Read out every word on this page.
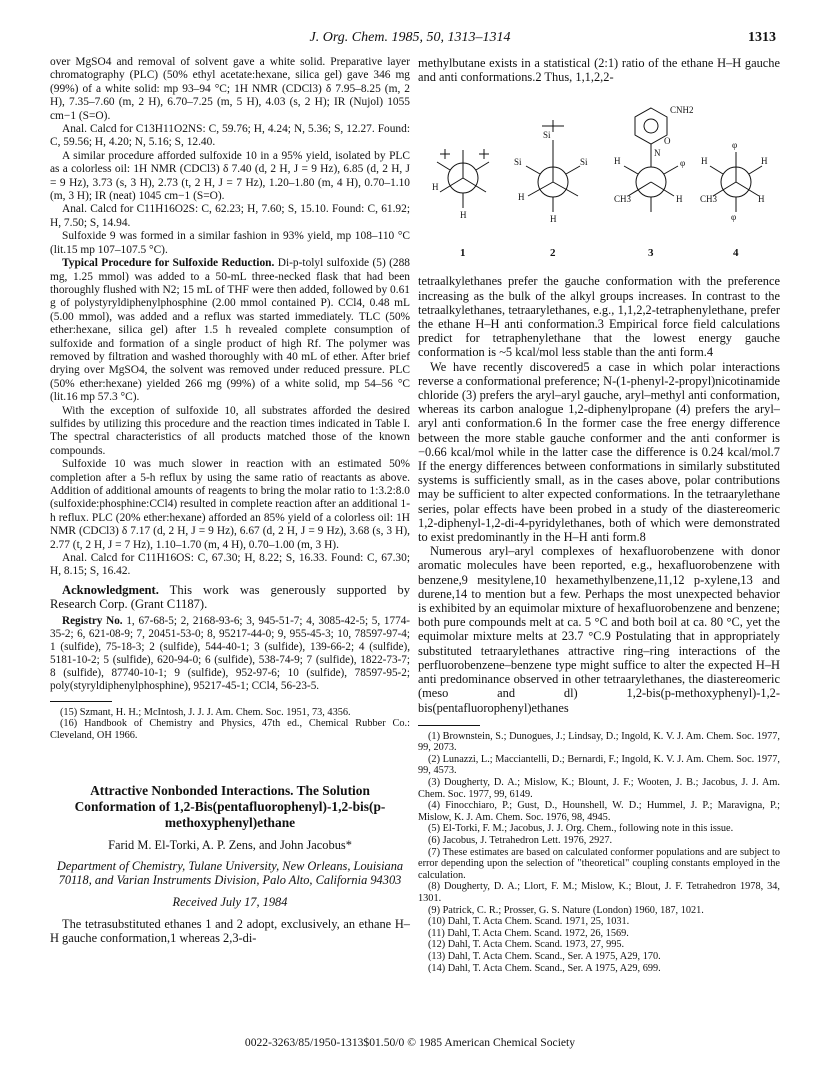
J. Org. Chem. 1985, 50, 1313–1314	1313

over MgSO4 and removal of solvent gave a white solid. Preparative layer chromatography (PLC) (50% ethyl acetate:hexane, silica gel) gave 346 mg (99%) of a white solid: mp 93–94 °C; 1H NMR (CDCl3) δ 7.95–8.25 (m, 2 H), 7.35–7.60 (m, 2 H), 6.70–7.25 (m, 5 H), 4.03 (s, 2 H); IR (Nujol) 1055 cm−1 (S=O).

Anal. Calcd for C13H11O2NS: C, 59.76; H, 4.24; N, 5.36; S, 12.27. Found: C, 59.56; H, 4.20; N, 5.16; S, 12.40.

A similar procedure afforded sulfoxide 10 in a 95% yield, isolated by PLC as a colorless oil: 1H NMR (CDCl3) δ 7.40 (d, 2 H, J = 9 Hz), 6.85 (d, 2 H, J = 9 Hz), 3.73 (s, 3 H), 2.73 (t, 2 H, J = 7 Hz), 1.20–1.80 (m, 4 H), 0.70–1.10 (m, 3 H); IR (neat) 1045 cm−1 (S=O).

Anal. Calcd for C11H16O2S: C, 62.23; H, 7.60; S, 15.10. Found: C, 61.92; H, 7.50; S, 14.94.

Sulfoxide 9 was formed in a similar fashion in 93% yield, mp 108–110 °C (lit.15 mp 107–107.5 °C).

Typical Procedure for Sulfoxide Reduction. Di-p-tolyl sulfoxide (5) (288 mg, 1.25 mmol) was added to a 50-mL three-necked flask that had been thoroughly flushed with N2; 15 mL of THF were then added, followed by 0.61 g of polystyryldiphenylphosphine (2.00 mmol contained P). CCl4, 0.48 mL (5.00 mmol), was added and a reflux was started immediately. TLC (50% ether:hexane, silica gel) after 1.5 h revealed complete consumption of sulfoxide and formation of a single product of high Rf. The polymer was removed by filtration and washed thoroughly with 40 mL of ether. After brief drying over MgSO4, the solvent was removed under reduced pressure. PLC (50% ether:hexane) yielded 266 mg (99%) of a white solid, mp 54–56 °C (lit.16 mp 57.3 °C).

With the exception of sulfoxide 10, all substrates afforded the desired sulfides by utilizing this procedure and the reaction times indicated in Table I. The spectral characteristics of all products matched those of the known compounds.

Sulfoxide 10 was much slower in reaction with an estimated 50% completion after a 5-h reflux by using the same ratio of reactants as above. Addition of additional amounts of reagents to bring the molar ratio to 1:3.2:8.0 (sulfoxide:phosphine:CCl4) resulted in complete reaction after an additional 1-h reflux. PLC (20% ether:hexane) afforded an 85% yield of a colorless oil: 1H NMR (CDCl3) δ 7.17 (d, 2 H, J = 9 Hz), 6.67 (d, 2 H, J = 9 Hz), 3.68 (s, 3 H), 2.77 (t, 2 H, J = 7 Hz), 1.10–1.70 (m, 4 H), 0.70–1.00 (m, 3 H).

Anal. Calcd for C11H16OS: C, 67.30; H, 8.22; S, 16.33. Found: C, 67.30; H, 8.15; S, 16.42.

Acknowledgment. This work was generously supported by Research Corp. (Grant C1187).

Registry No. 1, 67-68-5; 2, 2168-93-6; 3, 945-51-7; 4, 3085-42-5; 5, 1774-35-2; 6, 621-08-9; 7, 20451-53-0; 8, 95217-44-0; 9, 955-45-3; 10, 78597-97-4; 1 (sulfide), 75-18-3; 2 (sulfide), 544-40-1; 3 (sulfide), 139-66-2; 4 (sulfide), 5181-10-2; 5 (sulfide), 620-94-0; 6 (sulfide), 538-74-9; 7 (sulfide), 1822-73-7; 8 (sulfide), 87740-10-1; 9 (sulfide), 952-97-6; 10 (sulfide), 78597-95-2; poly(styryldiphenylphosphine), 95217-45-1; CCl4, 56-23-5.

(15) Szmant, H. H.; McIntosh, J. J. J. Am. Chem. Soc. 1951, 73, 4356.
(16) Handbook of Chemistry and Physics, 47th ed., Chemical Rubber Co.: Cleveland, OH 1966.
Attractive Nonbonded Interactions. The Solution Conformation of 1,2-Bis(pentafluorophenyl)-1,2-bis(p-methoxyphenyl)ethane
Farid M. El-Torki, A. P. Zens, and John Jacobus*
Department of Chemistry, Tulane University, New Orleans, Louisiana 70118, and Varian Instruments Division, Palo Alto, California 94303
Received July 17, 1984

The tetrasubstituted ethanes 1 and 2 adopt, exclusively, an ethane H–H gauche conformation,1 whereas 2,3-di-

methylbutane exists in a statistical (2:1) ratio of the ethane H–H gauche and anti conformations.2 Thus, 1,1,2,2-

H
H
Si
Si	Si
H
H
CNH2
N
O
H
CH3
φ
H
φ
H	H
CH3	H
φ
1	2	3	4

tetraalkylethanes prefer the gauche conformation with the preference increasing as the bulk of the alkyl groups increases. In contrast to the tetraalkylethanes, tetraarylethanes, e.g., 1,1,2,2-tetraphenylethane, prefer the ethane H–H anti conformation.3 Empirical force field calculations predict for tetraphenylethane that the lowest energy gauche conformation is ~5 kcal/mol less stable than the anti form.4

We have recently discovered5 a case in which polar interactions reverse a conformational preference; N-(1-phenyl-2-propyl)nicotinamide chloride (3) prefers the aryl–aryl gauche, aryl–methyl anti conformation, whereas its carbon analogue 1,2-diphenylpropane (4) prefers the aryl–aryl anti conformation.6 In the former case the free energy difference between the more stable gauche conformer and the anti conformer is −0.66 kcal/mol while in the latter case the difference is 0.24 kcal/mol.7 If the energy differences between conformations in similarly substituted systems is sufficiently small, as in the cases above, polar contributions may be sufficient to alter expected conformations. In the tetraarylethane series, polar effects have been probed in a study of the diastereomeric 1,2-diphenyl-1,2-di-4-pyridylethanes, both of which were demonstrated to exist predominantly in the H–H anti form.8

Numerous aryl–aryl complexes of hexafluorobenzene with donor aromatic molecules have been reported, e.g., hexafluorobenzene with benzene,9 mesitylene,10 hexamethylbenzene,11,12 p-xylene,13 and durene,14 to mention but a few. Perhaps the most unexpected behavior is exhibited by an equimolar mixture of hexafluorobenzene and benzene; both pure compounds melt at ca. 5 °C and both boil at ca. 80 °C, yet the equimolar mixture melts at 23.7 °C.9 Postulating that in appropriately substituted tetraarylethanes attractive ring–ring interactions of the perfluorobenzene–benzene type might suffice to alter the expected H–H anti predominance observed in other tetraarylethanes, the diastereomeric (meso and dl) 1,2-bis(p-methoxyphenyl)-1,2-bis(pentafluorophenyl)ethanes

(1) Brownstein, S.; Dunogues, J.; Lindsay, D.; Ingold, K. V. J. Am. Chem. Soc. 1977, 99, 2073.
(2) Lunazzi, L.; Macciantelli, D.; Bernardi, F.; Ingold, K. V. J. Am. Chem. Soc. 1977, 99, 4573.
(3) Dougherty, D. A.; Mislow, K.; Blount, J. F.; Wooten, J. B.; Jacobus, J. J. Am. Chem. Soc. 1977, 99, 6149.
(4) Finocchiaro, P.; Gust, D., Hounshell, W. D.; Hummel, J. P.; Maravigna, P.; Mislow, K. J. Am. Chem. Soc. 1976, 98, 4945.
(5) El-Torki, F. M.; Jacobus, J. J. Org. Chem., following note in this issue.
(6) Jacobus, J. Tetrahedron Lett. 1976, 2927.
(7) These estimates are based on calculated conformer populations and are subject to error depending upon the selection of "theoretical" coupling constants employed in the calculation.
(8) Dougherty, D. A.; Llort, F. M.; Mislow, K.; Blout, J. F. Tetrahedron 1978, 34, 1301.
(9) Patrick, C. R.; Prosser, G. S. Nature (London) 1960, 187, 1021.
(10) Dahl, T. Acta Chem. Scand. 1971, 25, 1031.
(11) Dahl, T. Acta Chem. Scand. 1972, 26, 1569.
(12) Dahl, T. Acta Chem. Scand. 1973, 27, 995.
(13) Dahl, T. Acta Chem. Scand., Ser. A 1975, A29, 170.
(14) Dahl, T. Acta Chem. Scand., Ser. A 1975, A29, 699.
0022-3263/85/1950-1313$01.50/0 © 1985 American Chemical Society
